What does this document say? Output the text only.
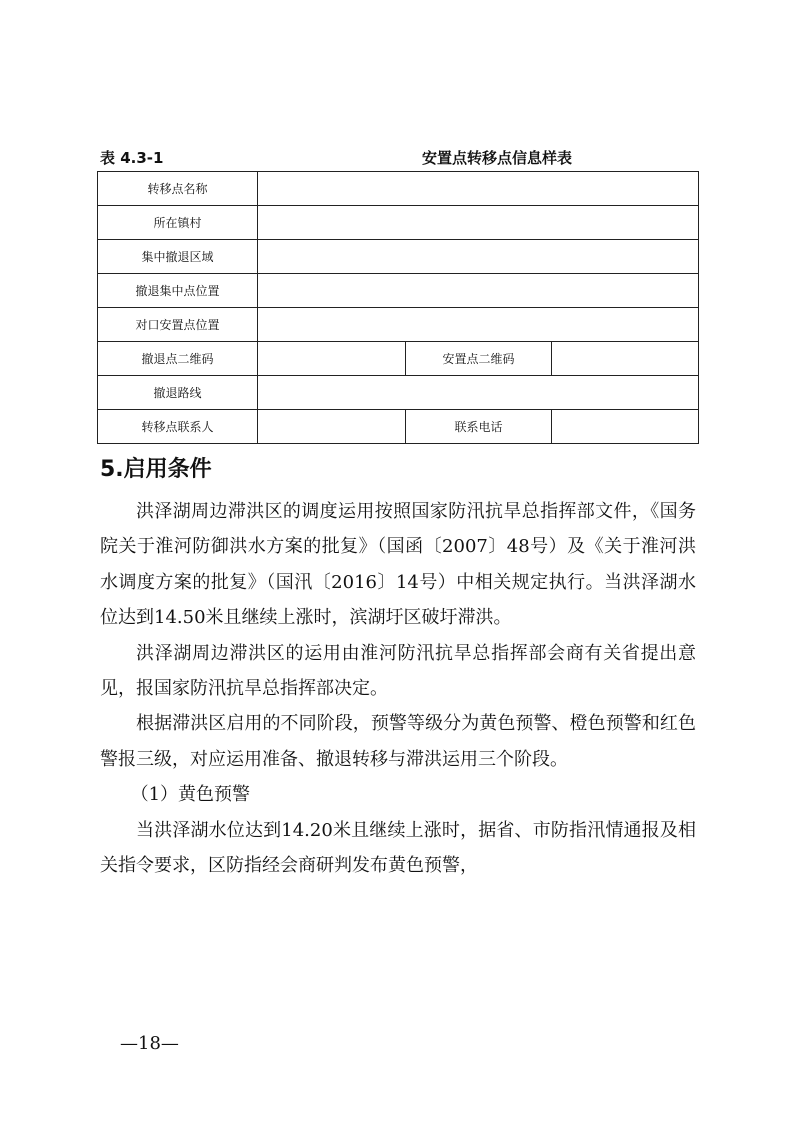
表 4.3-1	安置点转移点信息样表
转移点名称			
所在镇村			
集中撤退区域			
撤退集中点位置			
对口安置点位置			
撤退点二维码		安置点二维码	
撤退路线			
转移点联系人		联系电话	
5.启用条件

洪泽湖周边滞洪区的调度运用按照国家防汛抗旱总指挥部文件，《国务院关于淮河防御洪水方案的批复》（国函〔2007〕48号）及《关于淮河洪水调度方案的批复》（国汛〔2016〕14号）中相关规定执行。当洪泽湖水位达到14.50米且继续上涨时，滨湖圩区破圩滞洪。

洪泽湖周边滞洪区的运用由淮河防汛抗旱总指挥部会商有关省提出意见，报国家防汛抗旱总指挥部决定。

根据滞洪区启用的不同阶段，预警等级分为黄色预警、橙色预警和红色警报三级，对应运用准备、撤退转移与滞洪运用三个阶段。

（1）黄色预警

当洪泽湖水位达到14.20米且继续上涨时，据省、市防指汛情通报及相关指令要求，区防指经会商研判发布黄色预警，

—18—
